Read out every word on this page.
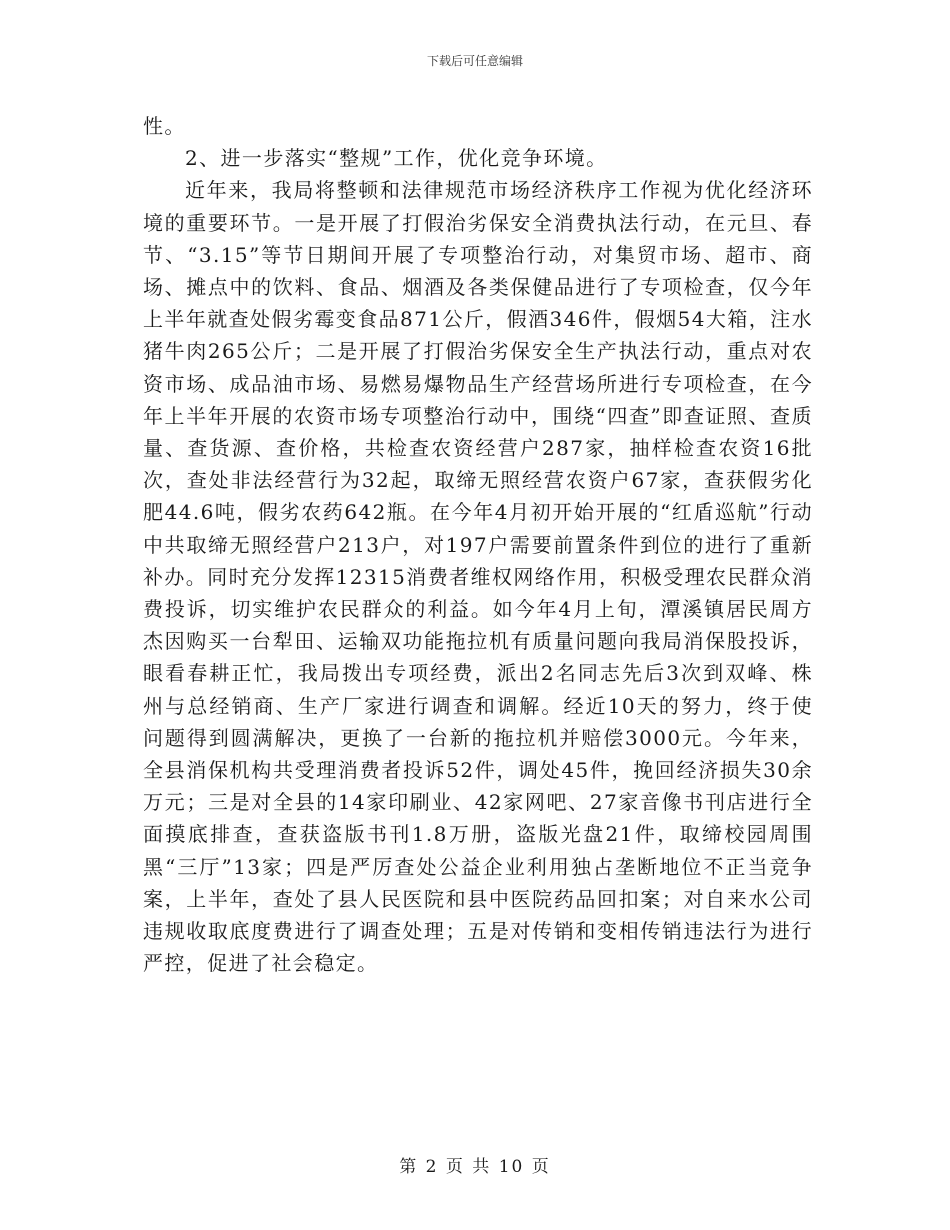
下载后可任意编辑

性。

2、进一步落实“整规”工作，优化竞争环境。

近年来，我局将整顿和法律规范市场经济秩序工作视为优化经济环境的重要环节。一是开展了打假治劣保安全消费执法行动，在元旦、春节、“3.15”等节日期间开展了专项整治行动，对集贸市场、超市、商场、摊点中的饮料、食品、烟酒及各类保健品进行了专项检查，仅今年上半年就查处假劣霉变食品871公斤，假酒346件，假烟54大箱，注水猪牛肉265公斤；二是开展了打假治劣保安全生产执法行动，重点对农资市场、成品油市场、易燃易爆物品生产经营场所进行专项检查，在今年上半年开展的农资市场专项整治行动中，围绕“四查”即查证照、查质量、查货源、查价格，共检查农资经营户287家，抽样检查农资16批次，查处非法经营行为32起，取缔无照经营农资户67家，查获假劣化肥44.6吨，假劣农药642瓶。在今年4月初开始开展的“红盾巡航”行动中共取缔无照经营户213户，对197户需要前置条件到位的进行了重新补办。同时充分发挥12315消费者维权网络作用，积极受理农民群众消费投诉，切实维护农民群众的利益。如今年4月上旬，潭溪镇居民周方杰因购买一台犁田、运输双功能拖拉机有质量问题向我局消保股投诉，眼看春耕正忙，我局拨出专项经费，派出2名同志先后3次到双峰、株州与总经销商、生产厂家进行调查和调解。经近10天的努力，终于使问题得到圆满解决，更换了一台新的拖拉机并赔偿3000元。今年来，全县消保机构共受理消费者投诉52件，调处45件，挽回经济损失30余万元；三是对全县的14家印刷业、42家网吧、27家音像书刊店进行全面摸底排查，查获盗版书刊1.8万册，盗版光盘21件，取缔校园周围黑“三厅”13家；四是严厉查处公益企业利用独占垄断地位不正当竞争案，上半年，查处了县人民医院和县中医院药品回扣案；对自来水公司违规收取底度费进行了调查处理；五是对传销和变相传销违法行为进行严控，促进了社会稳定。

第 2 页 共 10 页
